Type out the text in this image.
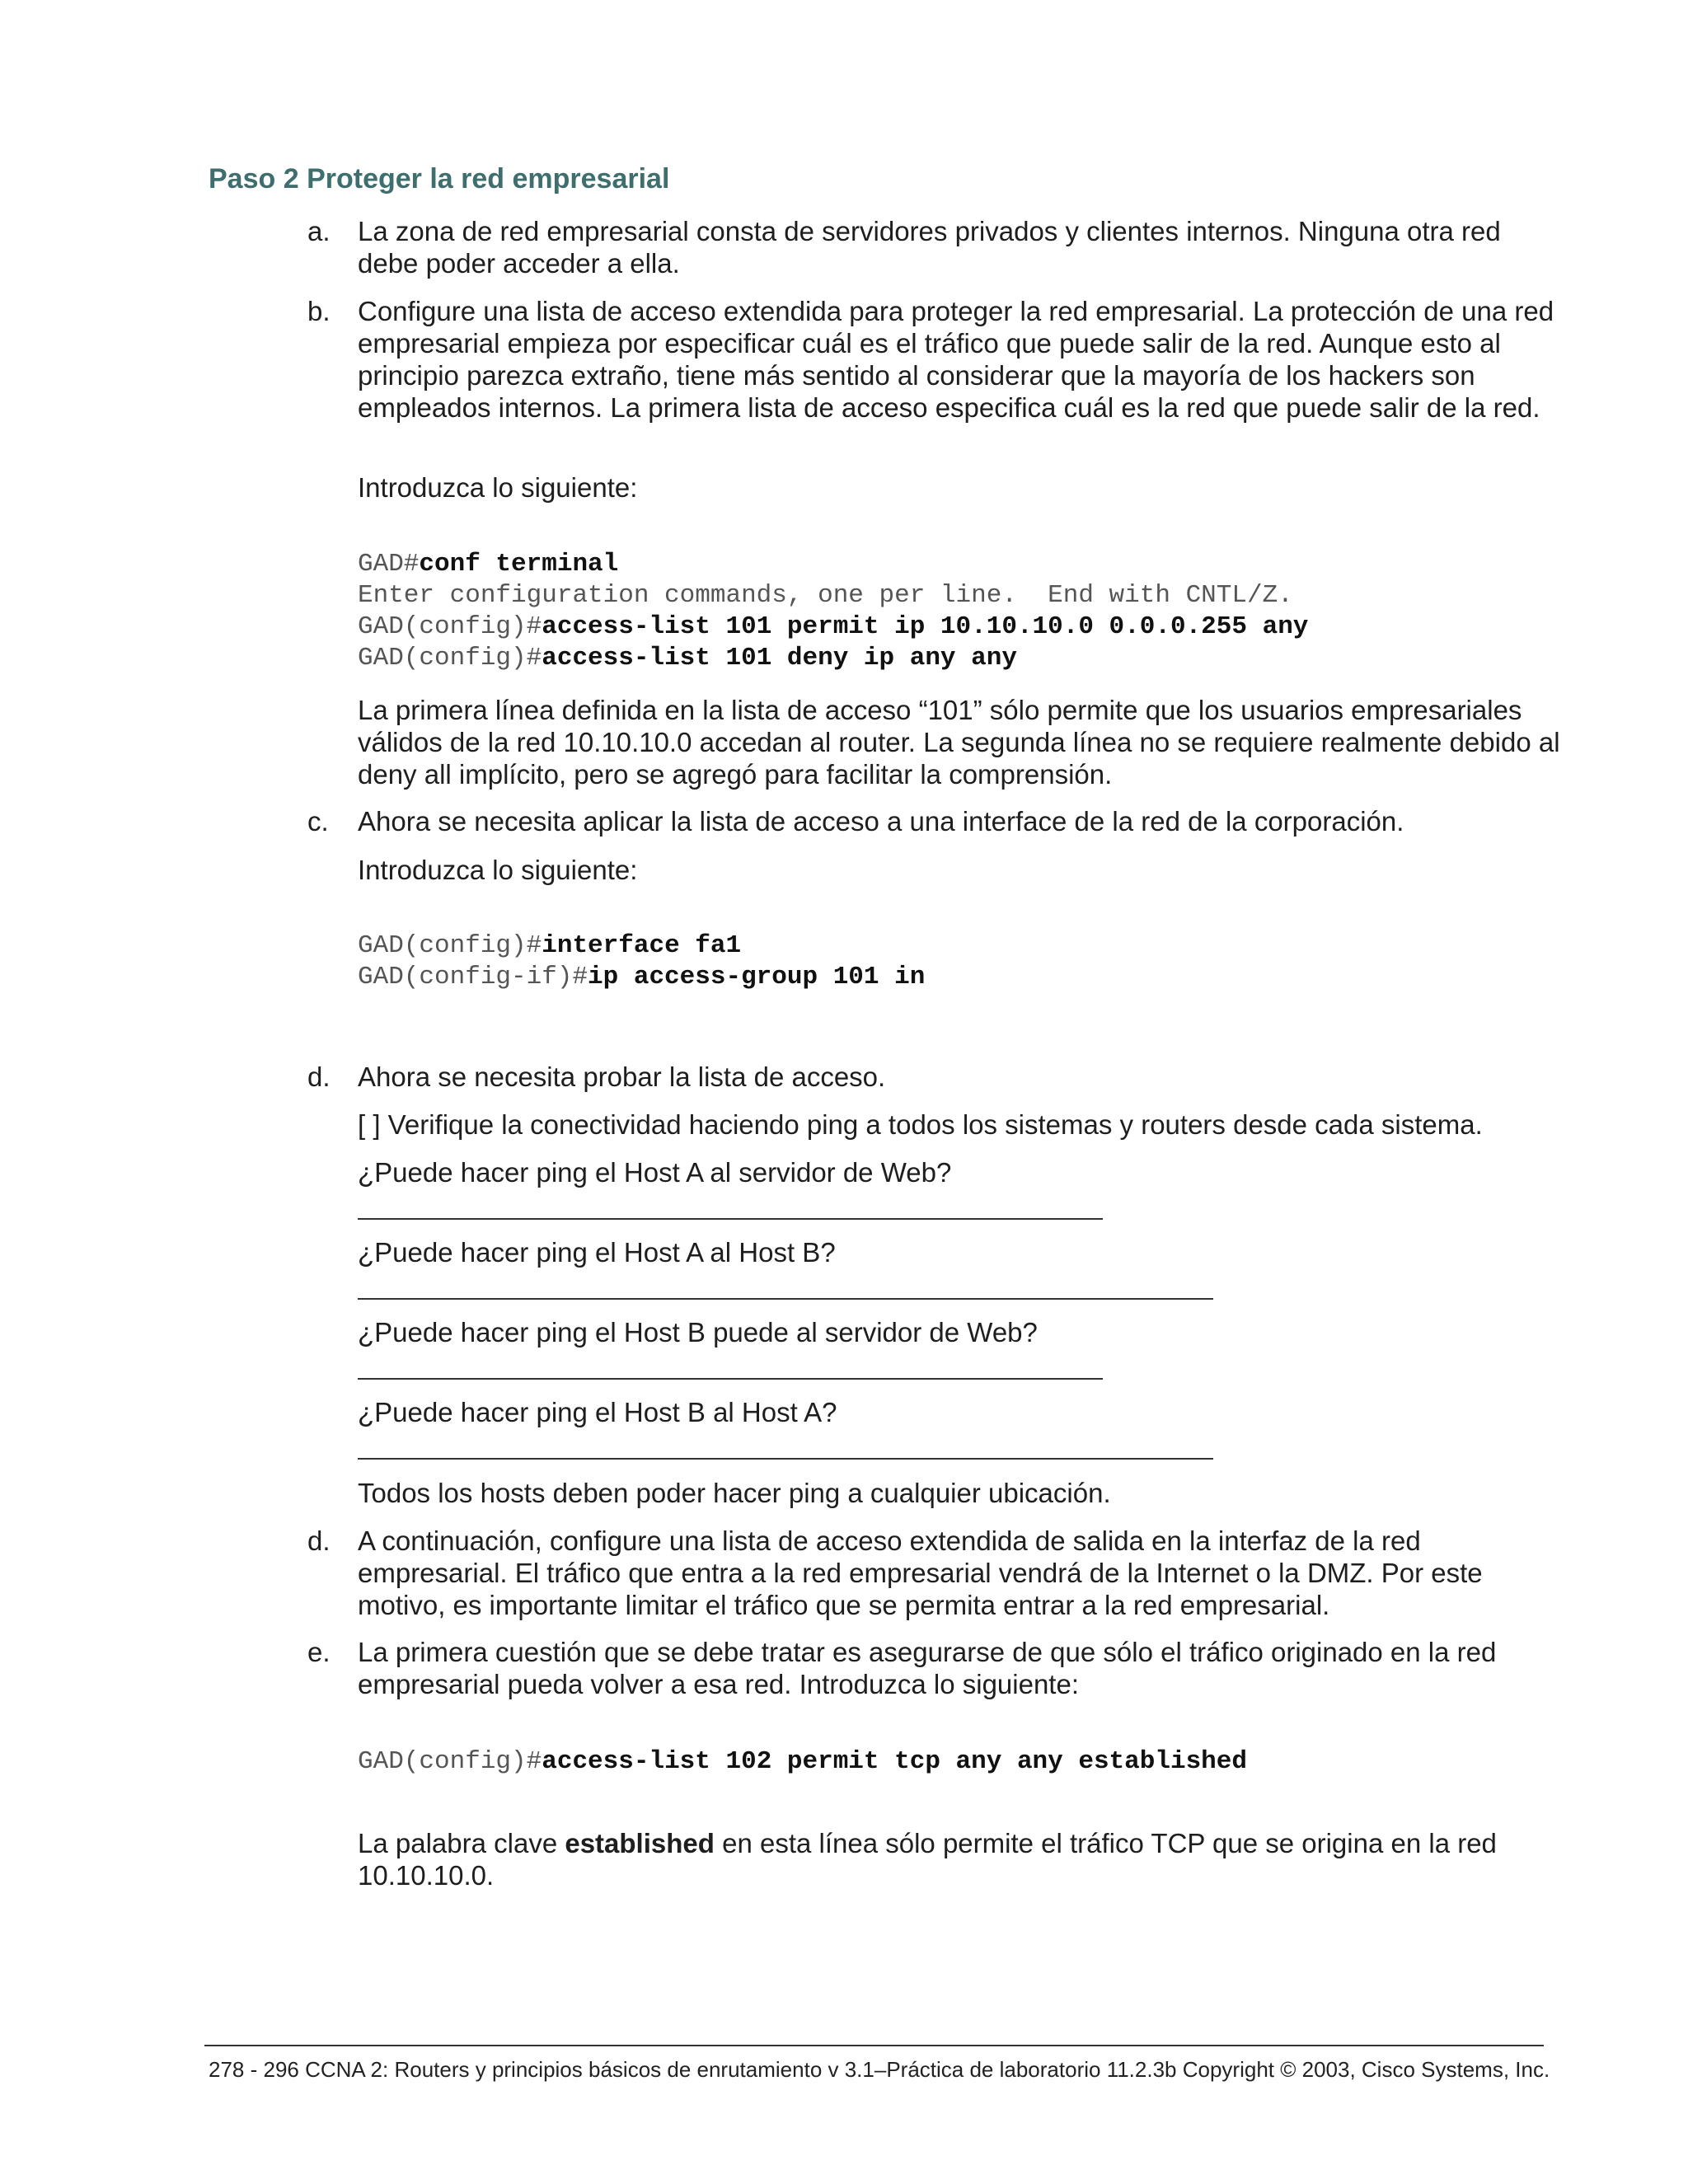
Paso 2 Proteger la red empresarial
a. La zona de red empresarial consta de servidores privados y clientes internos. Ninguna otra red debe poder acceder a ella.
b. Configure una lista de acceso extendida para proteger la red empresarial. La protección de una red empresarial empieza por especificar cuál es el tráfico que puede salir de la red. Aunque esto al principio parezca extraño, tiene más sentido al considerar que la mayoría de los hackers son empleados internos. La primera lista de acceso especifica cuál es la red que puede salir de la red.
Introduzca lo siguiente:
GAD#conf terminal
Enter configuration commands, one per line.  End with CNTL/Z.
GAD(config)#access-list 101 permit ip 10.10.10.0 0.0.0.255 any
GAD(config)#access-list 101 deny ip any any
La primera línea definida en la lista de acceso “101” sólo permite que los usuarios empresariales válidos de la red 10.10.10.0 accedan al router. La segunda línea no se requiere realmente debido al deny all implícito, pero se agregó para facilitar la comprensión.
c. Ahora se necesita aplicar la lista de acceso a una interface de la red de la corporación.
Introduzca lo siguiente:
GAD(config)#interface fa1
GAD(config-if)#ip access-group 101 in
d. Ahora se necesita probar la lista de acceso.
[ ] Verifique la conectividad haciendo ping a todos los sistemas y routers desde cada sistema.
¿Puede hacer ping el Host A al servidor de Web?
¿Puede hacer ping el Host A al Host B?
¿Puede hacer ping el Host B puede al servidor de Web?
¿Puede hacer ping el Host B al Host A?
Todos los hosts deben poder hacer ping a cualquier ubicación.
d. A continuación, configure una lista de acceso extendida de salida en la interfaz de la red empresarial. El tráfico que entra a la red empresarial vendrá de la Internet o la DMZ. Por este motivo, es importante limitar el tráfico que se permita entrar a la red empresarial.
e. La primera cuestión que se debe tratar es asegurarse de que sólo el tráfico originado en la red empresarial pueda volver a esa red. Introduzca lo siguiente:
GAD(config)#access-list 102 permit tcp any any established
La palabra clave established en esta línea sólo permite el tráfico TCP que se origina en la red 10.10.10.0.
278 - 296 CCNA 2: Routers y principios básicos de enrutamiento v 3.1–Práctica de laboratorio 11.2.3b Copyright © 2003, Cisco Systems, Inc.
